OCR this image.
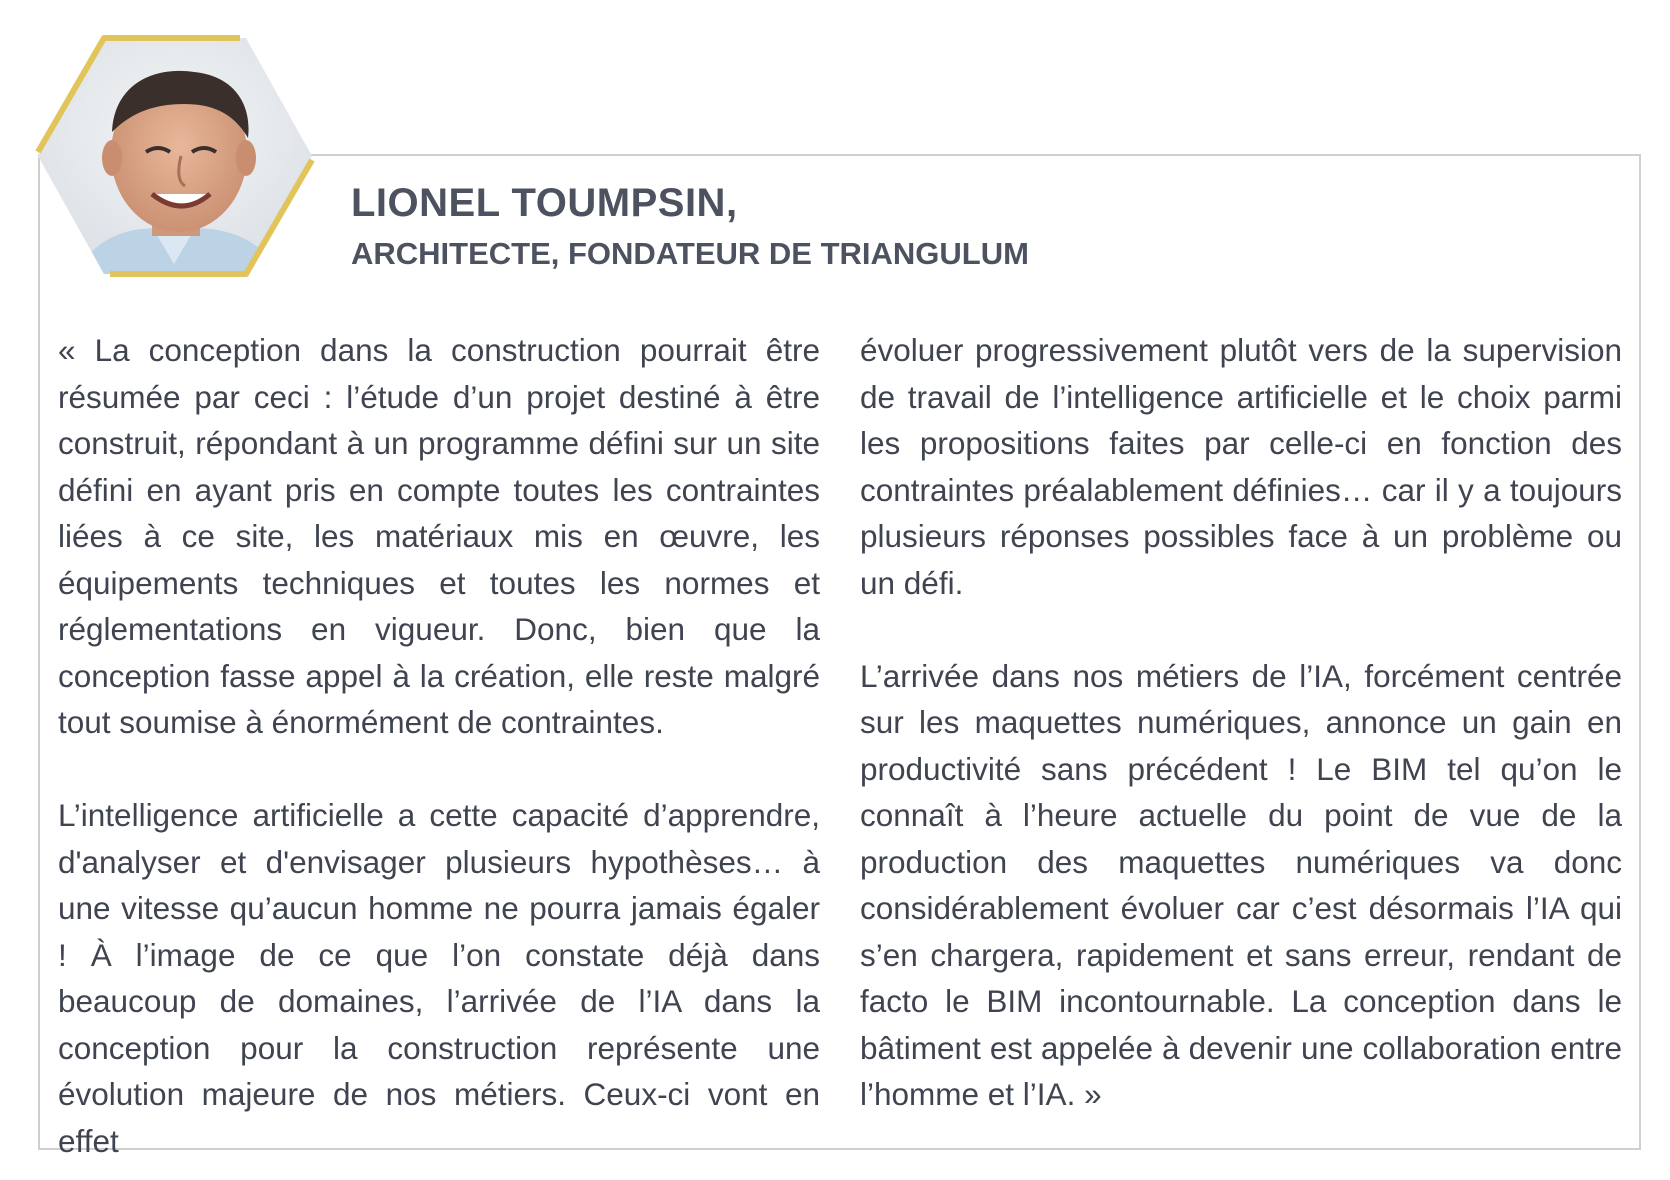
LIONEL TOUMPSIN,
ARCHITECTE, FONDATEUR DE TRIANGULUM

« La conception dans la construction pourrait être résumée par ceci : l’étude d’un projet destiné à être construit, répondant à un programme défini sur un site défini en ayant pris en compte toutes les contraintes liées à ce site, les matériaux mis en œuvre, les équipements techniques et toutes les normes et réglementations en vigueur. Donc, bien que la conception fasse appel à la création, elle reste malgré tout soumise à énormément de contraintes.

L’intelligence artificielle a cette capacité d’apprendre, d'analyser et d'envisager plusieurs hypothèses… à une vitesse qu’aucun homme ne pourra jamais égaler ! À l’image de ce que l’on constate déjà dans beaucoup de domaines, l’arrivée de l’IA dans la conception pour la construction représente une évolution majeure de nos métiers. Ceux-ci vont en effet

évoluer progressivement plutôt vers de la supervision de travail de l’intelligence artificielle et le choix parmi les propositions faites par celle-ci en fonction des contraintes préalablement définies… car il y a toujours plusieurs réponses possibles face à un problème ou un défi.

L’arrivée dans nos métiers de l’IA, forcément centrée sur les maquettes numériques, annonce un gain en productivité sans précédent ! Le BIM tel qu’on le connaît à l’heure actuelle du point de vue de la production des maquettes numériques va donc considérablement évoluer car c’est désormais l’IA qui s’en chargera, rapidement et sans erreur, rendant de facto le BIM incontournable. La conception dans le bâtiment est appelée à devenir une collaboration entre l’homme et l’IA. »
